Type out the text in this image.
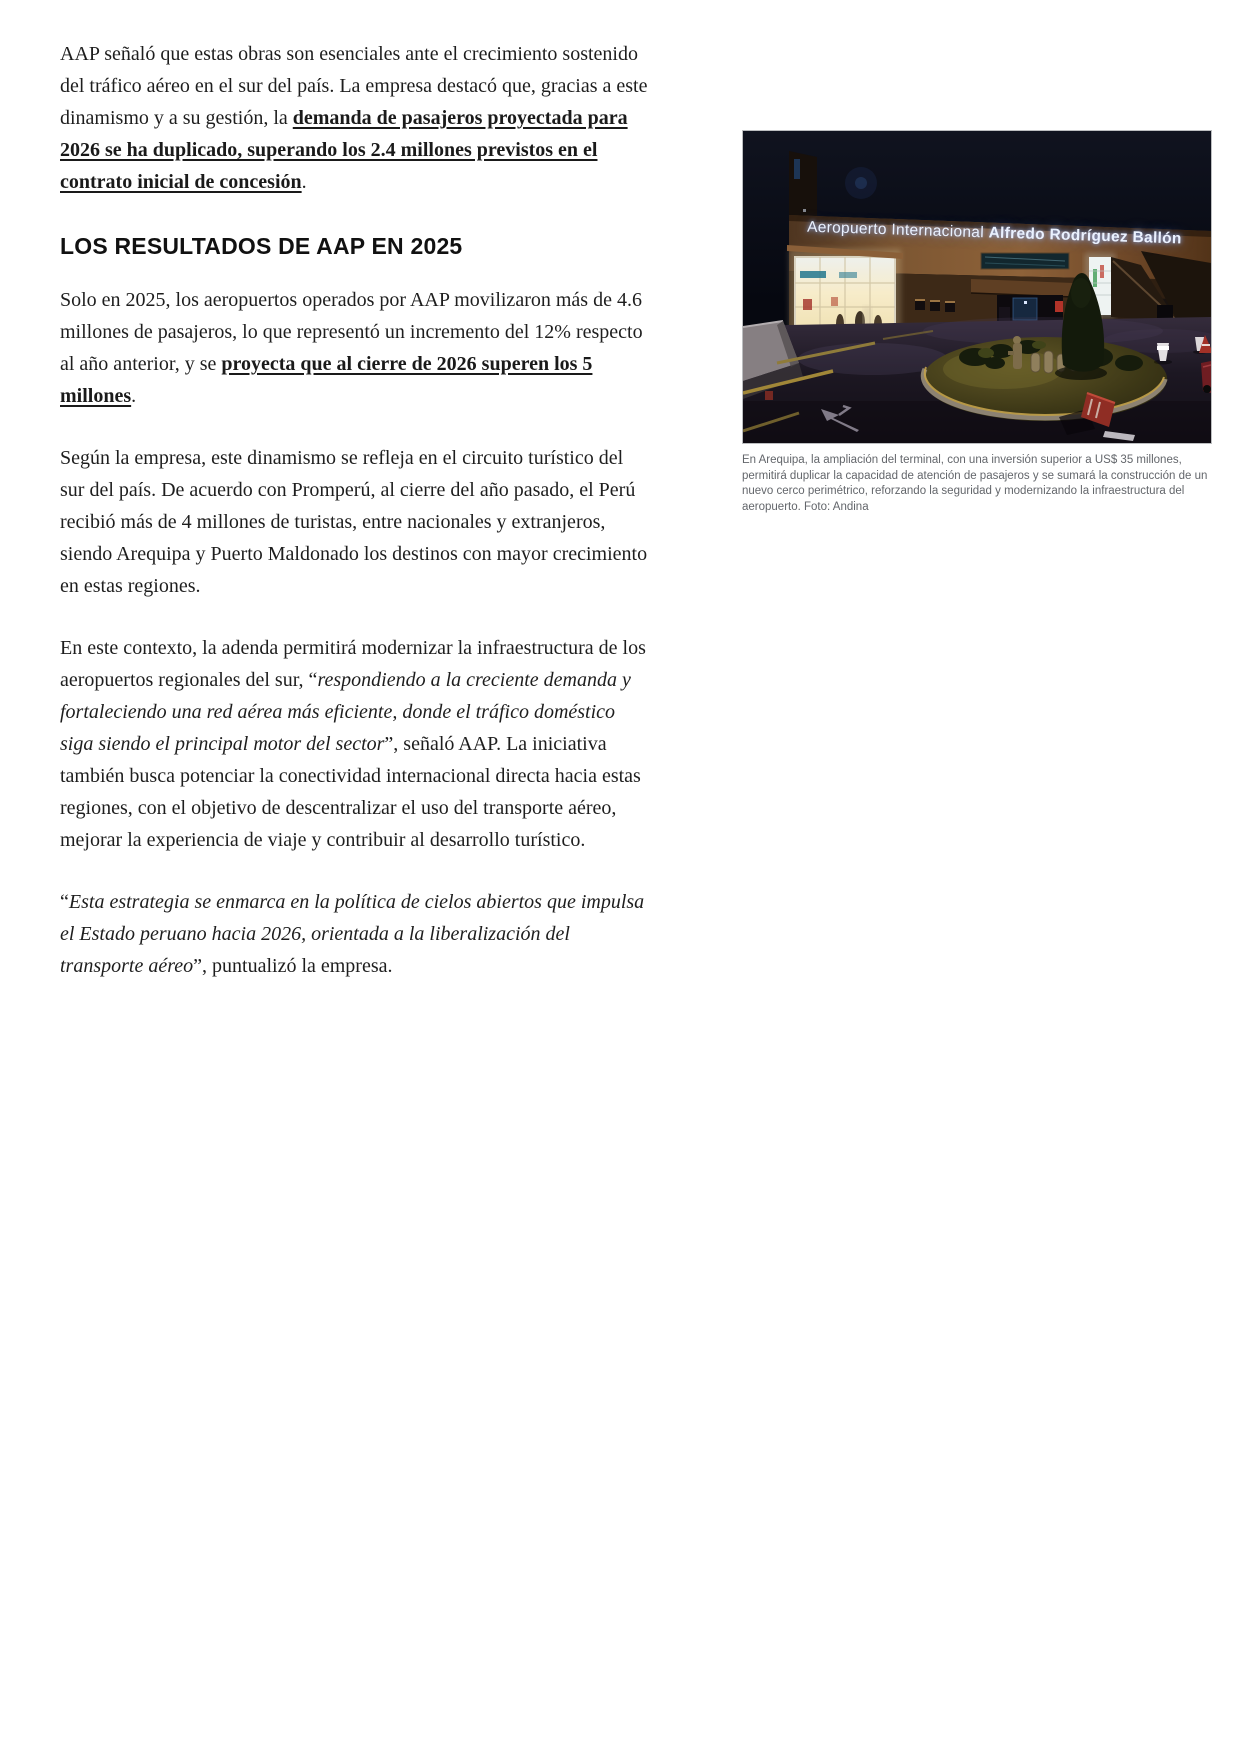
AAP señaló que estas obras son esenciales ante el crecimiento sostenido del tráfico aéreo en el sur del país. La empresa destacó que, gracias a este dinamismo y a su gestión, la demanda de pasajeros proyectada para 2026 se ha duplicado, superando los 2.4 millones previstos en el contrato inicial de concesión.

LOS RESULTADOS DE AAP EN 2025

Solo en 2025, los aeropuertos operados por AAP movilizaron más de 4.6 millones de pasajeros, lo que representó un incremento del 12% respecto al año anterior, y se proyecta que al cierre de 2026 superen los 5 millones.

Según la empresa, este dinamismo se refleja en el circuito turístico del sur del país. De acuerdo con Promperú, al cierre del año pasado, el Perú recibió más de 4 millones de turistas, entre nacionales y extranjeros, siendo Arequipa y Puerto Maldonado los destinos con mayor crecimiento en estas regiones.

En este contexto, la adenda permitirá modernizar la infraestructura de los aeropuertos regionales del sur, “respondiendo a la creciente demanda y fortaleciendo una red aérea más eficiente, donde el tráfico doméstico siga siendo el principal motor del sector”, señaló AAP. La iniciativa también busca potenciar la conectividad internacional directa hacia estas regiones, con el objetivo de descentralizar el uso del transporte aéreo, mejorar la experiencia de viaje y contribuir al desarrollo turístico.

“Esta estrategia se enmarca en la política de cielos abiertos que impulsa el Estado peruano hacia 2026, orientada a la liberalización del transporte aéreo”, puntualizó la empresa.

Aeropuerto Internacional Alfredo Rodríguez Ballón
En Arequipa, la ampliación del terminal, con una inversión superior a US$ 35 millones, permitirá duplicar la capacidad de atención de pasajeros y se sumará la construcción de un nuevo cerco perimétrico, reforzando la seguridad y modernizando la infraestructura del aeropuerto. Foto: Andina
